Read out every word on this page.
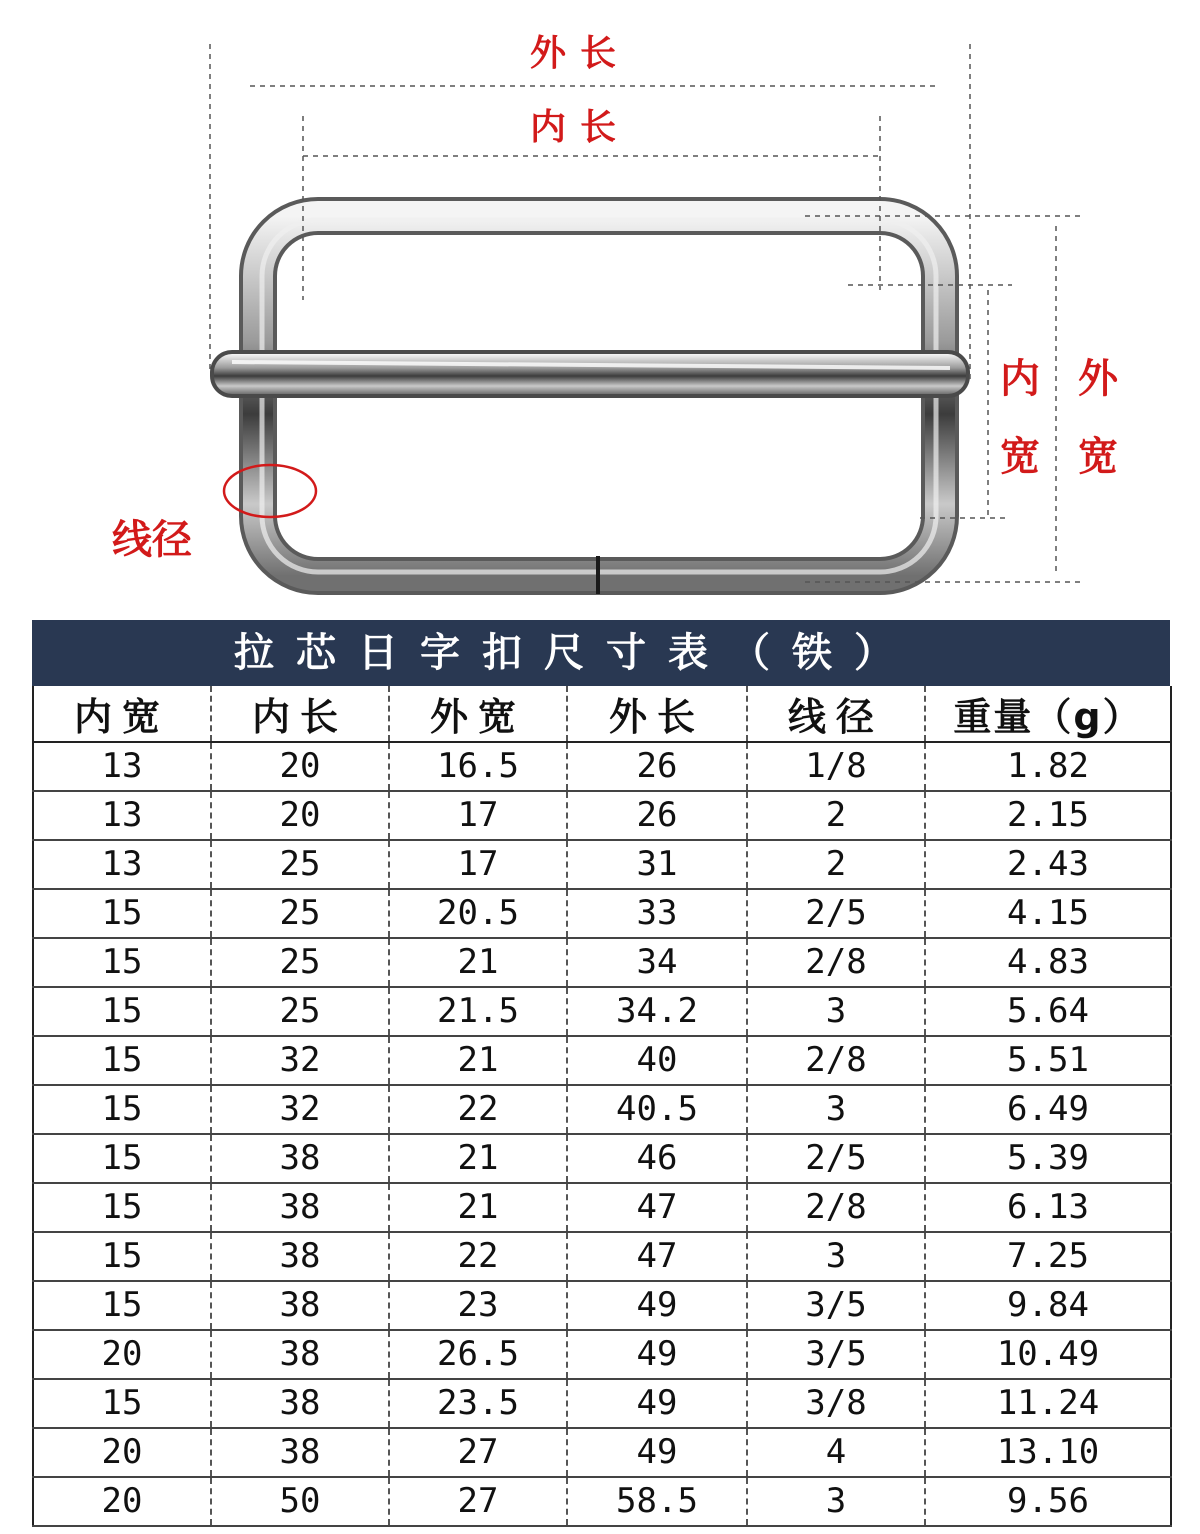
外长
内长
内宽
外宽
线径
拉芯日字扣尺寸表（铁）
内宽	内长	外宽	外长	线径	重量（g）
13	20	16.5	26	1/8	1.82
13	20	17	26	2	2.15
13	25	17	31	2	2.43
15	25	20.5	33	2/5	4.15
15	25	21	34	2/8	4.83
15	25	21.5	34.2	3	5.64
15	32	21	40	2/8	5.51
15	32	22	40.5	3	6.49
15	38	21	46	2/5	5.39
15	38	21	47	2/8	6.13
15	38	22	47	3	7.25
15	38	23	49	3/5	9.84
20	38	26.5	49	3/5	10.49
15	38	23.5	49	3/8	11.24
20	38	27	49	4	13.10
20	50	27	58.5	3	9.56
